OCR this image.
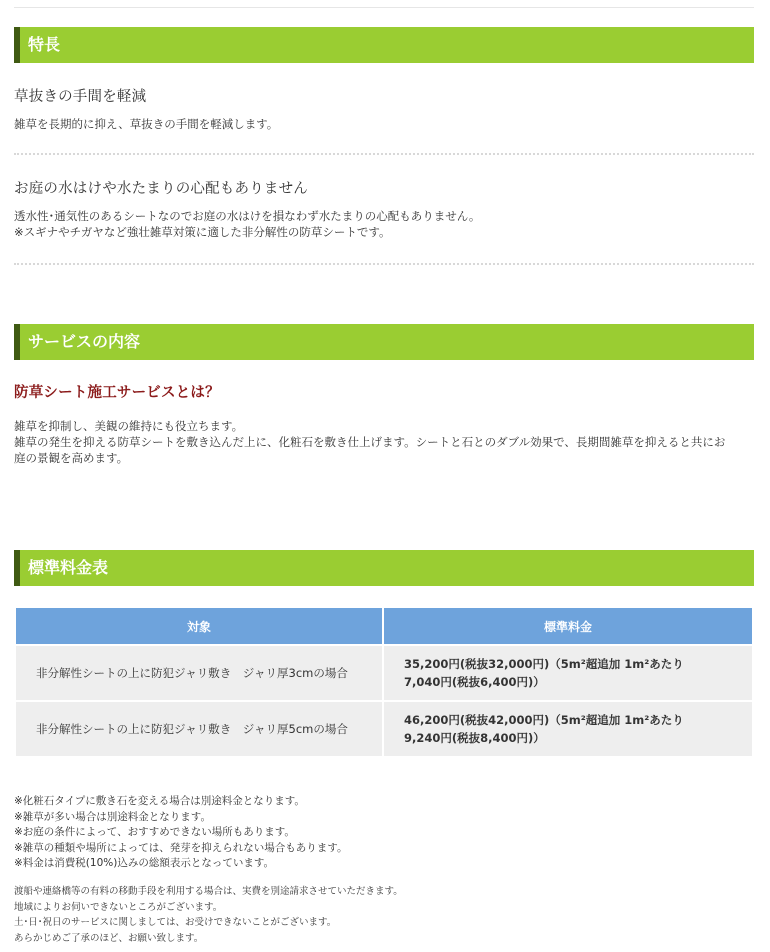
特長
草抜きの手間を軽減
雑草を長期的に抑え、草抜きの手間を軽減します。
お庭の水はけや水たまりの心配もありません
透水性･通気性のあるシートなのでお庭の水はけを損なわず水たまりの心配もありません。
※スギナやチガヤなど強壮雑草対策に適した非分解性の防草シートです。
サービスの内容
防草シート施工サービスとは？
雑草を抑制し、美観の維持にも役立ちます。
雑草の発生を抑える防草シートを敷き込んだ上に、化粧石を敷き仕上げます。シートと石とのダブル効果で、長期間雑草を抑えると共にお
庭の景観を高めます。
標準料金表
対象	標準料金
非分解性シートの上に防犯ジャリ敷き　ジャリ厚3cmの場合	35,200円(税抜32,000円)（5m²超追加 1m²あたり
7,040円(税抜6,400円)）

非分解性シートの上に防犯ジャリ敷き　ジャリ厚5cmの場合	46,200円(税抜42,000円)（5m²超追加 1m²あたり
9,240円(税抜8,400円)）
※化粧石タイプに敷き石を変える場合は別途料金となります。
※雑草が多い場合は別途料金となります。
※お庭の条件によって、おすすめできない場所もあります。
※雑草の種類や場所によっては、発芽を抑えられない場合もあります。
※料金は消費税(10%)込みの総額表示となっています。
渡船や連絡橋等の有料の移動手段を利用する場合は、実費を別途請求させていただきます。
地域によりお伺いできないところがございます。
土･日･祝日のサービスに関しましては、お受けできないことがございます。
あらかじめご了承のほど、お願い致します。
